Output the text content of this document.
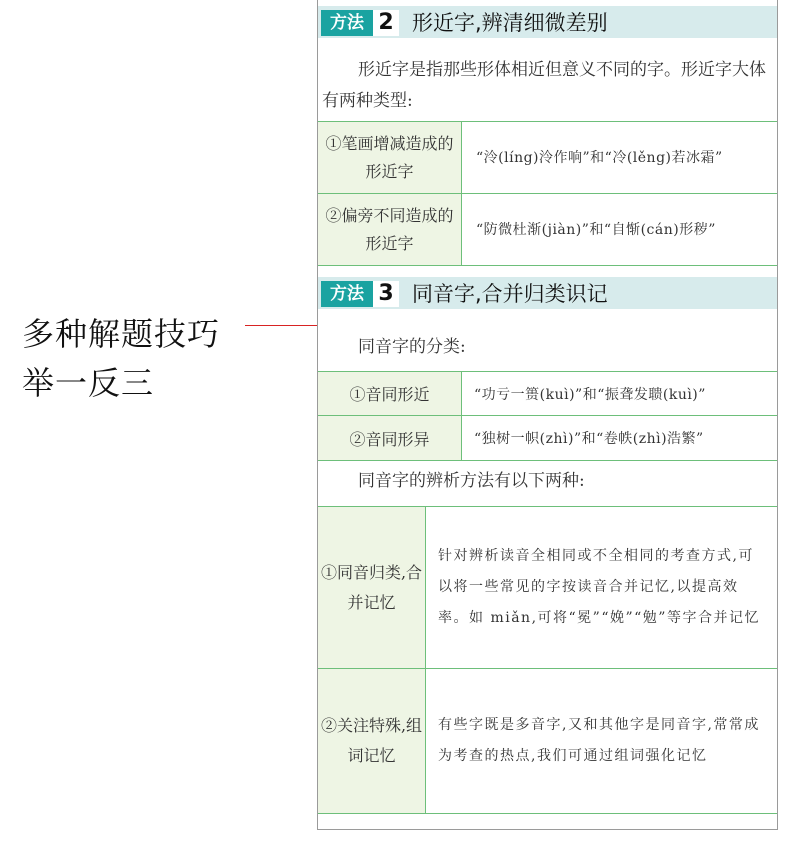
多种解题技巧
举一反三
方法 2 形近字,辨清细微差别
形近字是指那些形体相近但意义不同的字。形近字大体有两种类型:
①笔画增减造成的形近字
“泠(líng)泠作响”和“冷(lěng)若冰霜”
②偏旁不同造成的形近字
“防微杜渐(jiàn)”和“自惭(cán)形秽”
方法 3 同音字,合并归类识记
同音字的分类:
①音同形近	“功亏一篑(kuì)”和“振聋发聩(kuì)”
②音同形异	“独树一帜(zhì)”和“卷帙(zhì)浩繁”
同音字的辨析方法有以下两种:
①同音归类,合并记忆
针对辨析读音全相同或不全相同的考查方式,可以将一些常见的字按读音合并记忆,以提高效率。如 miǎn,可将“冕”“娩”“勉”等字合并记忆
②关注特殊,组词记忆
有些字既是多音字,又和其他字是同音字,常常成为考查的热点,我们可通过组词强化记忆
